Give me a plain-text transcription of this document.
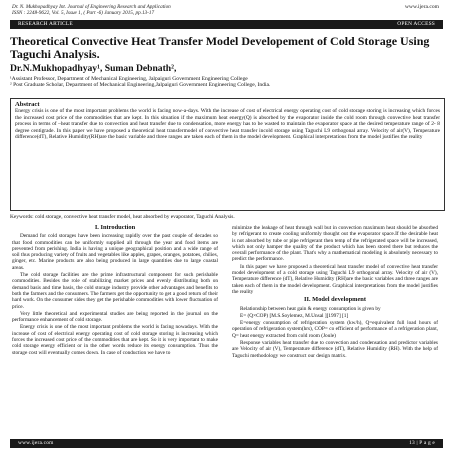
Dr. N. Mukhopadhyay Int. Journal of Engineering Research and Application
ISSN : 2248-9622, Vol. 5, Issue 1, ( Part -6) January 2015, pp.13-17
www.ijera.com
RESEARCH ARTICLE	OPEN ACCESS
Theoretical Convective Heat Transfer Model Developement of Cold Storage Using Taguchi Analysis.
Dr.N.Mukhopadhyay¹, Suman Debnath²,
¹Assistant Professor, Department of Mechanical Engineering, Jalpaiguri Government Engineering College
² Post Graduate Scholar, Department of Mechanical Engineering,Jalpaiguri Government Engineering College, India.
Abstract

Energy crisis is one of the most important problems the world is facing now-a-days. With the increase of cost of electrical energy operating cost of cold storage storing is increasing which forces the increased cost price of the commodities that are kept. In this situation if the maximum heat energy(Q) is absorbed by the evaporator inside the cold room through convective heat transfer process in terms of –heat transfer due to convection and heat transfer due to condensation, more energy has to be wasted to maintain the evaporator space at the desired temperature range of 2- 8 degree centigrade. In this paper we have proposed a theoretical heat transfermodel of convective heat transfer incold storage using Taguchi L9 orthogonal array. Velocity of air(V), Temperature difference(dT), Relative Humidity(RH)are the basic variable and three ranges are taken each of them in the model development. Graphical interpretations from the model justifies the reality

Keywords: cold storage, convective heat transfer model, heat absorbed by evaporator, Taguchi Analysis.
I. Introduction

Demand for cold storages have been increasing rapidly over the past couple of decades so that food commodities can be uniformly supplied all through the year and food items are prevented from perishing. India is having a unique geographical position and a wide range of soil thus producing variety of fruits and vegetables like apples, grapes, oranges, potatoes, chilies, ginger, etc. Marine products are also being produced in large quantities due to large coastal areas.

The cold storage facilities are the prime infrastructural component for such perishable commodities. Besides the role of stabilizing market prices and evenly distributing both on demand basis and time basis, the cold storage industry provide other advantages and benefits to both the farmers and the consumers. The farmers get the opportunity to get a good return of their hard work. On the consumer sides they get the perishable commodities with lower fluctuation of price.

Very little theoretical and experimental studies are being reported in the journal on the performance enhancement of cold storage.

Energy crisis is one of the most important problems the world is facing nowadays. With the increase of cost of electrical energy operating cost of cold storage storing is increasing which forces the increased cost price of the commodities that are kept. So it is very important to make cold storage energy efficient or in the other words reduce its energy consumption. Thus the storage cost will eventually comes down. In case of conduction we have to

minimize the leakage of heat through wall but in convection maximum heat should be absorbed by refrigerant to create cooling uniformly thought out the evaporator space.If the desirable heat is not absorbed by tube or pipe refrigerant then temp of the refrigerated space will be increased, which not only hamper the quality of the product which has been stored there but reduces the overall performance of the plant. That's why a mathematical modeling is absolutely necessary to predict the performance.

In this paper we have proposed a theoretical heat transfer model of convective heat transfer model development of a cold storage using Taguchi L9 orthogonal array. Velocity of air (V), Temperature difference (dT), Relative Humidity (RH)are the basic variables and three ranges are taken each of them in the model development. Graphical interpretations from the model justifies the reality

II. Model development

Relationship between heat gain & energy consumption is given by

E= (Q×COP) [M.S.Soylemez, M.Unsal ][1997] [1]

E=energy consumption of refrigeration system (kw/h), Q=equivalent full load hours of operation of refrigeration system(hrs), COP= co efficient of performance of a refrigeration plant, Q= heat energy extracted from cold room (Joule)

Response variables heat transfer due to convection and condensation and predictor variables are Velocity of air (V), Temperature difference (dT), Relative Humidity (RH). With the help of Taguchi methodology we construct our design matrix.

www.ijera.com	13 | P a g e
